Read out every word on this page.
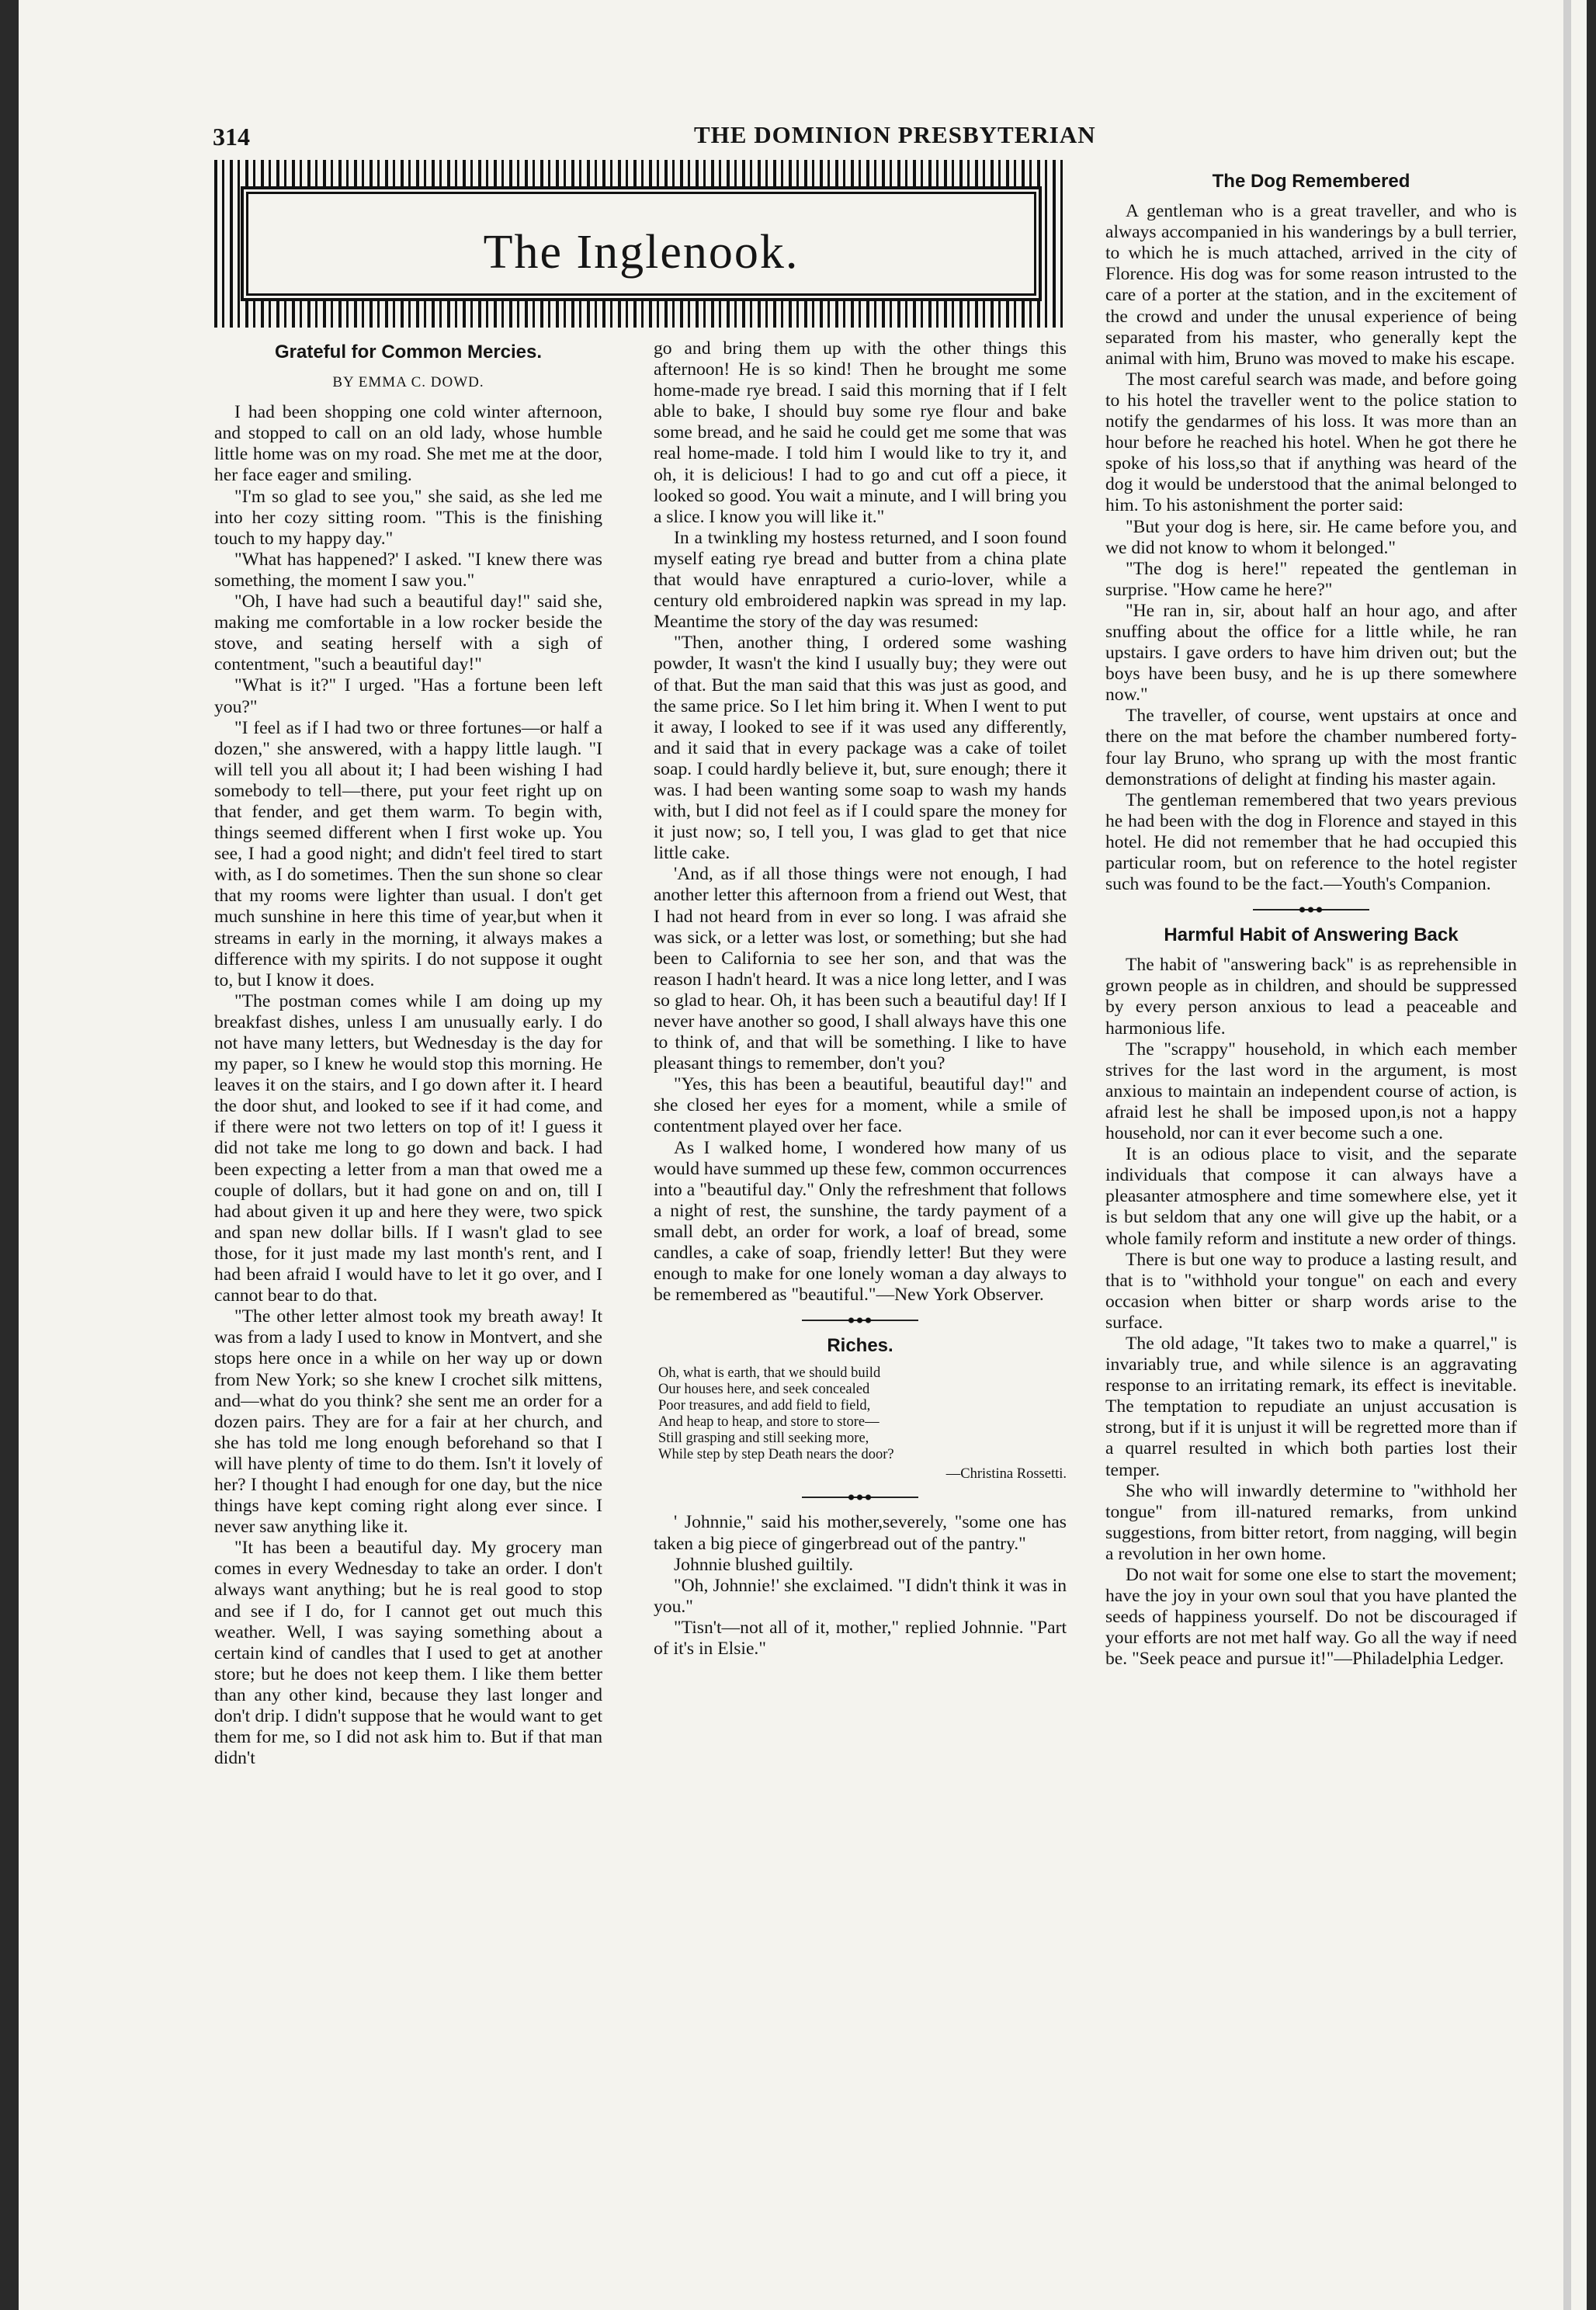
314	THE DOMINION PRESBYTERIAN
The Inglenook.
Grateful for Common Mercies.
BY EMMA C. DOWD.

I had been shopping one cold winter afternoon, and stopped to call on an old lady, whose humble little home was on my road. She met me at the door, her face eager and smiling.

"I'm so glad to see you," she said, as she led me into her cozy sitting room. "This is the finishing touch to my happy day."

"What has happened?' I asked. "I knew there was something, the moment I saw you."

"Oh, I have had such a beautiful day!" said she, making me comfortable in a low rocker beside the stove, and seating herself with a sigh of contentment, "such a beautiful day!"

"What is it?" I urged. "Has a fortune been left you?"

"I feel as if I had two or three fortunes—or half a dozen," she answered, with a happy little laugh. "I will tell you all about it; I had been wishing I had somebody to tell—there, put your feet right up on that fender, and get them warm. To begin with, things seemed different when I first woke up. You see, I had a good night; and didn't feel tired to start with, as I do sometimes. Then the sun shone so clear that my rooms were lighter than usual. I don't get much sunshine in here this time of year,but when it streams in early in the morning, it always makes a difference with my spirits. I do not suppose it ought to, but I know it does.

"The postman comes while I am doing up my breakfast dishes, unless I am unusually early. I do not have many letters, but Wednesday is the day for my paper, so I knew he would stop this morning. He leaves it on the stairs, and I go down after it. I heard the door shut, and looked to see if it had come, and if there were not two letters on top of it! I guess it did not take me long to go down and back. I had been expecting a letter from a man that owed me a couple of dollars, but it had gone on and on, till I had about given it up and here they were, two spick and span new dollar bills. If I wasn't glad to see those, for it just made my last month's rent, and I had been afraid I would have to let it go over, and I cannot bear to do that.

"The other letter almost took my breath away! It was from a lady I used to know in Montvert, and she stops here once in a while on her way up or down from New York; so she knew I crochet silk mittens, and—what do you think? she sent me an order for a dozen pairs. They are for a fair at her church, and she has told me long enough beforehand so that I will have plenty of time to do them. Isn't it lovely of her? I thought I had enough for one day, but the nice things have kept coming right along ever since. I never saw anything like it.

"It has been a beautiful day. My grocery man comes in every Wednesday to take an order. I don't always want anything; but he is real good to stop and see if I do, for I cannot get out much this weather. Well, I was saying something about a certain kind of candles that I used to get at another store; but he does not keep them. I like them better than any other kind, because they last longer and don't drip. I didn't suppose that he would want to get them for me, so I did not ask him to. But if that man didn't

go and bring them up with the other things this afternoon! He is so kind! Then he brought me some home-made rye bread. I said this morning that if I felt able to bake, I should buy some rye flour and bake some bread, and he said he could get me some that was real home-made. I told him I would like to try it, and oh, it is delicious! I had to go and cut off a piece, it looked so good. You wait a minute, and I will bring you a slice. I know you will like it."

In a twinkling my hostess returned, and I soon found myself eating rye bread and butter from a china plate that would have enraptured a curio-lover, while a century old embroidered napkin was spread in my lap. Meantime the story of the day was resumed:

"Then, another thing, I ordered some washing powder, It wasn't the kind I usually buy; they were out of that. But the man said that this was just as good, and the same price. So I let him bring it. When I went to put it away, I looked to see if it was used any differently, and it said that in every package was a cake of toilet soap. I could hardly believe it, but, sure enough; there it was. I had been wanting some soap to wash my hands with, but I did not feel as if I could spare the money for it just now; so, I tell you, I was glad to get that nice little cake.

'And, as if all those things were not enough, I had another letter this afternoon from a friend out West, that I had not heard from in ever so long. I was afraid she was sick, or a letter was lost, or something; but she had been to California to see her son, and that was the reason I hadn't heard. It was a nice long letter, and I was so glad to hear. Oh, it has been such a beautiful day! If I never have another so good, I shall always have this one to think of, and that will be something. I like to have pleasant things to remember, don't you?

"Yes, this has been a beautiful, beautiful day!" and she closed her eyes for a moment, while a smile of contentment played over her face.

As I walked home, I wondered how many of us would have summed up these few, common occurrences into a "beautiful day." Only the refreshment that follows a night of rest, the sunshine, the tardy payment of a small debt, an order for work, a loaf of bread, some candles, a cake of soap, friendly letter! But they were enough to make for one lonely woman a day always to be remembered as "beautiful."—New York Observer.

Riches.

Oh, what is earth, that we should build

Our houses here, and seek concealed

Poor treasures, and add field to field,

And heap to heap, and store to store—

Still grasping and still seeking more,

While step by step Death nears the door?

—Christina Rossetti.

' Johnnie," said his mother,severely, "some one has taken a big piece of gingerbread out of the pantry."

Johnnie blushed guiltily.

"Oh, Johnnie!' she exclaimed. "I didn't think it was in you."

"Tisn't—not all of it, mother," replied Johnnie. "Part of it's in Elsie."

The Dog Remembered

A gentleman who is a great traveller, and who is always accompanied in his wanderings by a bull terrier, to which he is much attached, arrived in the city of Florence. His dog was for some reason intrusted to the care of a porter at the station, and in the excitement of the crowd and under the unusal experience of being separated from his master, who generally kept the animal with him, Bruno was moved to make his escape.

The most careful search was made, and before going to his hotel the traveller went to the police station to notify the gendarmes of his loss. It was more than an hour before he reached his hotel. When he got there he spoke of his loss,so that if anything was heard of the dog it would be understood that the animal belonged to him. To his astonishment the porter said:

"But your dog is here, sir. He came before you, and we did not know to whom it belonged."

"The dog is here!" repeated the gentleman in surprise. "How came he here?"

"He ran in, sir, about half an hour ago, and after snuffing about the office for a little while, he ran upstairs. I gave orders to have him driven out; but the boys have been busy, and he is up there somewhere now."

The traveller, of course, went upstairs at once and there on the mat before the chamber numbered forty-four lay Bruno, who sprang up with the most frantic demonstrations of delight at finding his master again.

The gentleman remembered that two years previous he had been with the dog in Florence and stayed in this hotel. He did not remember that he had occupied this particular room, but on reference to the hotel register such was found to be the fact.—Youth's Companion.

Harmful Habit of Answering Back

The habit of "answering back" is as reprehensible in grown people as in children, and should be suppressed by every person anxious to lead a peaceable and harmonious life.

The "scrappy" household, in which each member strives for the last word in the argument, is most anxious to maintain an independent course of action, is afraid lest he shall be imposed upon,is not a happy household, nor can it ever become such a one.

It is an odious place to visit, and the separate individuals that compose it can always have a pleasanter atmosphere and time somewhere else, yet it is but seldom that any one will give up the habit, or a whole family reform and institute a new order of things.

There is but one way to produce a lasting result, and that is to "withhold your tongue" on each and every occasion when bitter or sharp words arise to the surface.

The old adage, "It takes two to make a quarrel," is invariably true, and while silence is an aggravating response to an irritating remark, its effect is inevitable. The temptation to repudiate an unjust accusation is strong, but if it is unjust it will be regretted more than if a quarrel resulted in which both parties lost their temper.

She who will inwardly determine to "withhold her tongue" from ill-natured remarks, from unkind suggestions, from bitter retort, from nagging, will begin a revolution in her own home.

Do not wait for some one else to start the movement; have the joy in your own soul that you have planted the seeds of happiness yourself. Do not be discouraged if your efforts are not met half way. Go all the way if need be. "Seek peace and pursue it!"—Philadelphia Ledger.
